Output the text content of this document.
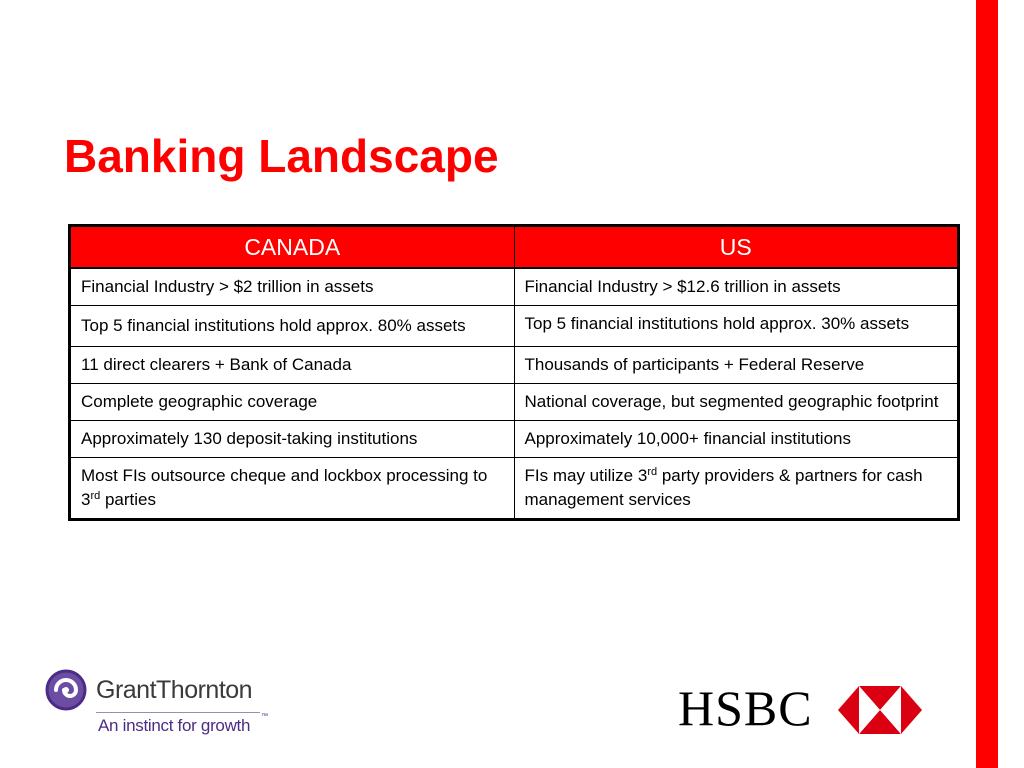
Banking Landscape
CANADA	US
Financial Industry > $2 trillion in assets	Financial Industry > $12.6 trillion in assets
Top 5 financial institutions hold approx. 80% assets	Top 5 financial institutions hold approx. 30% assets
11 direct clearers + Bank of Canada	Thousands of participants + Federal Reserve
Complete geographic coverage	National coverage, but segmented geographic footprint
Approximately 130 deposit-taking institutions	Approximately 10,000+ financial institutions
Most FIs outsource cheque and lockbox processing to 3rd parties	FIs may utilize 3rd party providers & partners for cash management services
GrantThornton
An instinct for growth ™	HSBC
